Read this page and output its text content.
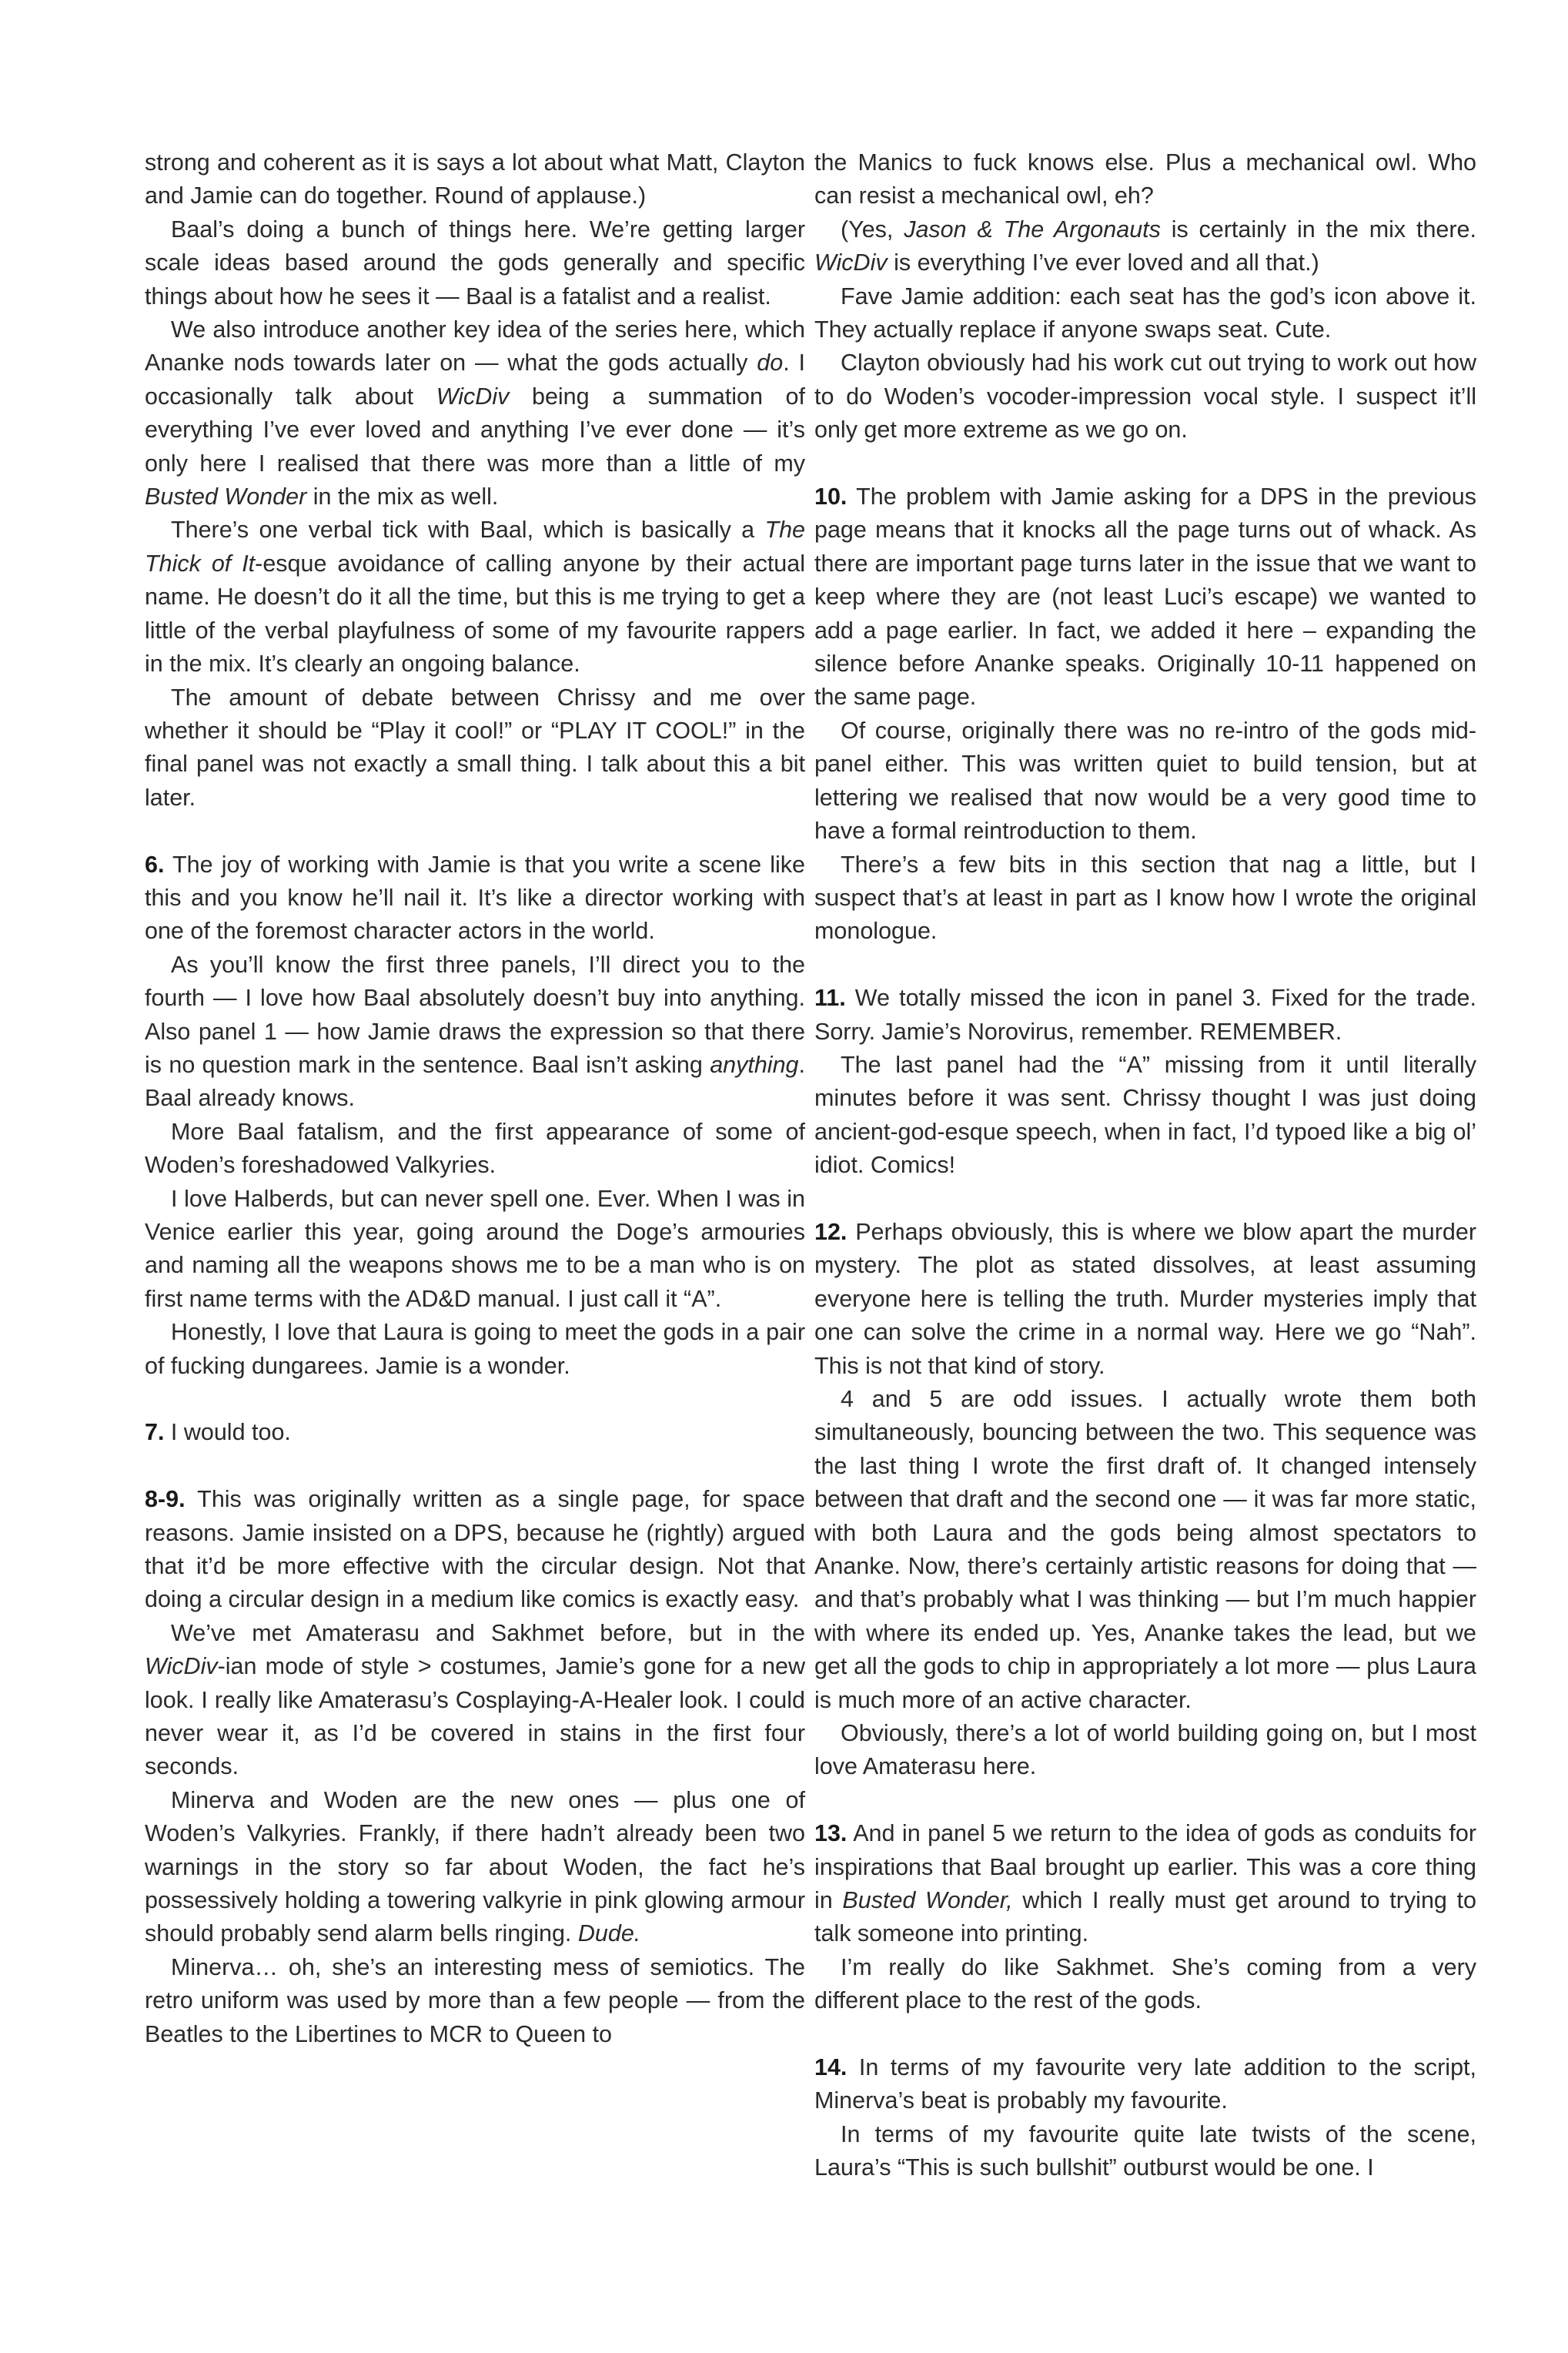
strong and coherent as it is says a lot about what Matt, Clayton and Jamie can do together. Round of applause.)

Baal’s doing a bunch of things here. We’re getting larger scale ideas based around the gods generally and specific things about how he sees it — Baal is a fatalist and a realist.

We also introduce another key idea of the series here, which Ananke nods towards later on — what the gods actually do. I occasionally talk about WicDiv being a summation of everything I’ve ever loved and anything I’ve ever done — it’s only here I realised that there was more than a little of my Busted Wonder in the mix as well.

There’s one verbal tick with Baal, which is basically a The Thick of It-esque avoidance of calling anyone by their actual name. He doesn’t do it all the time, but this is me trying to get a little of the verbal playfulness of some of my favourite rappers in the mix. It’s clearly an ongoing balance.

The amount of debate between Chrissy and me over whether it should be “Play it cool!” or “PLAY IT COOL!” in the final panel was not exactly a small thing. I talk about this a bit later.

6. The joy of working with Jamie is that you write a scene like this and you know he’ll nail it. It’s like a director working with one of the foremost character actors in the world.

As you’ll know the first three panels, I’ll direct you to the fourth — I love how Baal absolutely doesn’t buy into anything. Also panel 1 — how Jamie draws the expression so that there is no question mark in the sentence. Baal isn’t asking anything. Baal already knows.

More Baal fatalism, and the first appearance of some of Woden’s foreshadowed Valkyries.

I love Halberds, but can never spell one. Ever. When I was in Venice earlier this year, going around the Doge’s armouries and naming all the weapons shows me to be a man who is on first name terms with the AD&D manual. I just call it “A”.

Honestly, I love that Laura is going to meet the gods in a pair of fucking dungarees. Jamie is a wonder.

7. I would too.

8-9. This was originally written as a single page, for space reasons. Jamie insisted on a DPS, because he (rightly) argued that it’d be more effective with the circular design. Not that doing a circular design in a medium like comics is exactly easy.

We’ve met Amaterasu and Sakhmet before, but in the WicDiv-ian mode of style > costumes, Jamie’s gone for a new look. I really like Amaterasu’s Cosplaying-A-Healer look. I could never wear it, as I’d be covered in stains in the first four seconds.

Minerva and Woden are the new ones — plus one of Woden’s Valkyries. Frankly, if there hadn’t already been two warnings in the story so far about Woden, the fact he’s possessively holding a towering valkyrie in pink glowing armour should probably send alarm bells ringing. Dude.

Minerva… oh, she’s an interesting mess of semiotics. The retro uniform was used by more than a few people — from the Beatles to the Libertines to MCR to Queen to

the Manics to fuck knows else. Plus a mechanical owl. Who can resist a mechanical owl, eh?

(Yes, Jason & The Argonauts is certainly in the mix there. WicDiv is everything I’ve ever loved and all that.)

Fave Jamie addition: each seat has the god’s icon above it. They actually replace if anyone swaps seat. Cute.

Clayton obviously had his work cut out trying to work out how to do Woden’s vocoder-impression vocal style. I suspect it’ll only get more extreme as we go on.

10. The problem with Jamie asking for a DPS in the previous page means that it knocks all the page turns out of whack. As there are important page turns later in the issue that we want to keep where they are (not least Luci’s escape) we wanted to add a page earlier. In fact, we added it here – expanding the silence before Ananke speaks. Originally 10-11 happened on the same page.

Of course, originally there was no re-intro of the gods mid-panel either. This was written quiet to build tension, but at lettering we realised that now would be a very good time to have a formal reintroduction to them.

There’s a few bits in this section that nag a little, but I suspect that’s at least in part as I know how I wrote the original monologue.

11. We totally missed the icon in panel 3. Fixed for the trade. Sorry. Jamie’s Norovirus, remember. REMEMBER.

The last panel had the “A” missing from it until literally minutes before it was sent. Chrissy thought I was just doing ancient-god-esque speech, when in fact, I’d typoed like a big ol’ idiot. Comics!

12. Perhaps obviously, this is where we blow apart the murder mystery. The plot as stated dissolves, at least assuming everyone here is telling the truth. Murder mysteries imply that one can solve the crime in a normal way. Here we go “Nah”. This is not that kind of story.

4 and 5 are odd issues. I actually wrote them both simultaneously, bouncing between the two. This sequence was the last thing I wrote the first draft of. It changed intensely between that draft and the second one — it was far more static, with both Laura and the gods being almost spectators to Ananke. Now, there’s certainly artistic reasons for doing that — and that’s probably what I was thinking — but I’m much happier with where its ended up. Yes, Ananke takes the lead, but we get all the gods to chip in appropriately a lot more — plus Laura is much more of an active character.

Obviously, there’s a lot of world building going on, but I most love Amaterasu here.

13. And in panel 5 we return to the idea of gods as conduits for inspirations that Baal brought up earlier. This was a core thing in Busted Wonder, which I really must get around to trying to talk someone into printing.

I’m really do like Sakhmet. She’s coming from a very different place to the rest of the gods.

14. In terms of my favourite very late addition to the script, Minerva’s beat is probably my favourite.

In terms of my favourite quite late twists of the scene, Laura’s “This is such bullshit” outburst would be one. I
